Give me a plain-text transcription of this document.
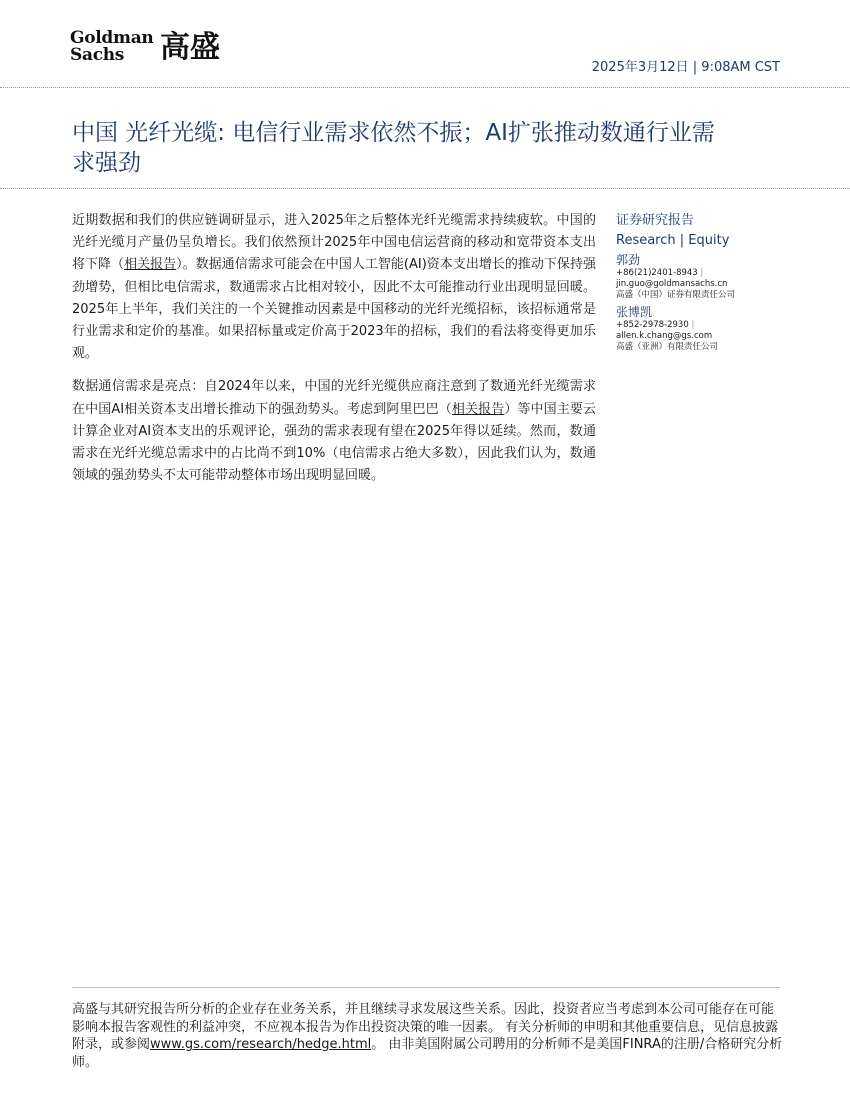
Goldman
Sachs	高盛
2025年3月12日 | 9:08AM CST
中国 光纤光缆: 电信行业需求依然不振；AI扩张推动数通行业需求强劲

近期数据和我们的供应链调研显示，进入2025年之后整体光纤光缆需求持续疲软。中国的光纤光缆月产量仍呈负增长。我们依然预计2025年中国电信运营商的移动和宽带资本支出将下降（相关报告）。数据通信需求可能会在中国人工智能(AI)资本支出增长的推动下保持强劲增势，但相比电信需求，数通需求占比相对较小，因此不太可能推动行业出现明显回暖。2025年上半年，我们关注的一个关键推动因素是中国移动的光纤光缆招标，该招标通常是行业需求和定价的基准。如果招标量或定价高于2023年的招标，我们的看法将变得更加乐观。

数据通信需求是亮点：自2024年以来，中国的光纤光缆供应商注意到了数通光纤光缆需求在中国AI相关资本支出增长推动下的强劲势头。考虑到阿里巴巴（相关报告）等中国主要云计算企业对AI资本支出的乐观评论，强劲的需求表现有望在2025年得以延续。然而，数通需求在光纤光缆总需求中的占比尚不到10%（电信需求占绝大多数），因此我们认为，数通领域的强劲势头不太可能带动整体市场出现明显回暖。

证券研究报告
Research | Equity
郭劲
+86(21)2401-8943 |
jin.guo@goldmansachs.cn
高盛（中国）证券有限责任公司
张博凯
+852-2978-2930 |
allen.k.chang@gs.com
高盛（亚洲）有限责任公司
高盛与其研究报告所分析的企业存在业务关系，并且继续寻求发展这些关系。因此，投资者应当考虑到本公司可能存在可能影响本报告客观性的利益冲突，不应视本报告为作出投资决策的唯一因素。 有关分析师的申明和其他重要信息，见信息披露附录，或参阅www.gs.com/research/hedge.html。 由非美国附属公司聘用的分析师不是美国FINRA的注册/合格研究分析师。
